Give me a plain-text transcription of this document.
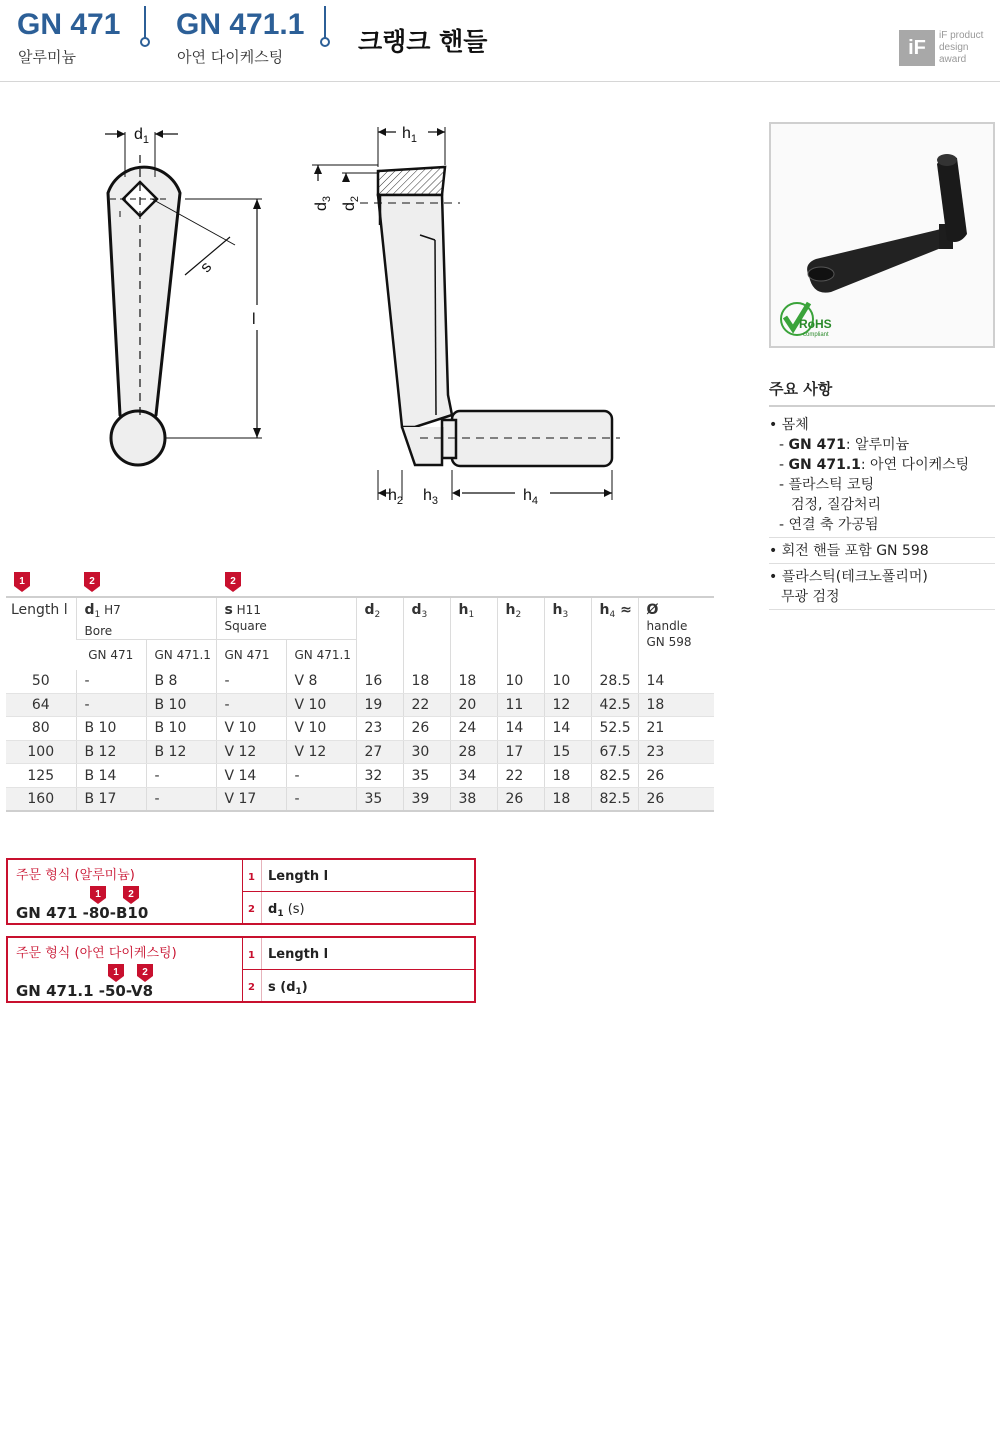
GN 471
알루미늄
GN 471.1
아연 다이케스팅
크랭크 핸들	iF
iF product
design
award
$d_1$
s
l
$h_1$
$d_3$
$d_2$
$h_2$ $h_3$	$h_4$
RoHS
compliant
주요 사항
• 몸체
- GN 471: 알루미늄
- GN 471.1: 아연 다이케스팅
- 플라스틱 코팅
검정, 질감처리
- 연결 축 가공됨
• 회전 핸들 포함 GN 598
• 플라스틱(테크노폴리머)
무광 검정
1	2	2
Length l	$d_1$ H7
Bore		s H11
Square		$d_2$	$d_3$	$h_1$	$h_2$	$h_3$	$h_4$ ≈	Ø
handle
GN 598
	GN 471	GN 471.1	GN 471	GN 471.1							
50	-	B 8	-	V 8	16	18	18	10	10	28.5	14
64	-	B 10	-	V 10	19	22	20	11	12	42.5	18
80	B 10	B 10	V 10	V 10	23	26	24	14	14	52.5	21
100	B 12	B 12	V 12	V 12	27	30	28	17	15	67.5	23
125	B 14	-	V 14	-	32	35	34	22	18	82.5	26
160	B 17	-	V 17	-	35	39	38	26	18	82.5	26
주문 형식 (알루미늄)
1	2
GN 471 -80-B10
1 Length l
2 $d_1$ (s)
주문 형식 (아연 다이케스팅)
1 2
GN 471.1 -50-V8
1 Length l
2 s $(d_1)$
